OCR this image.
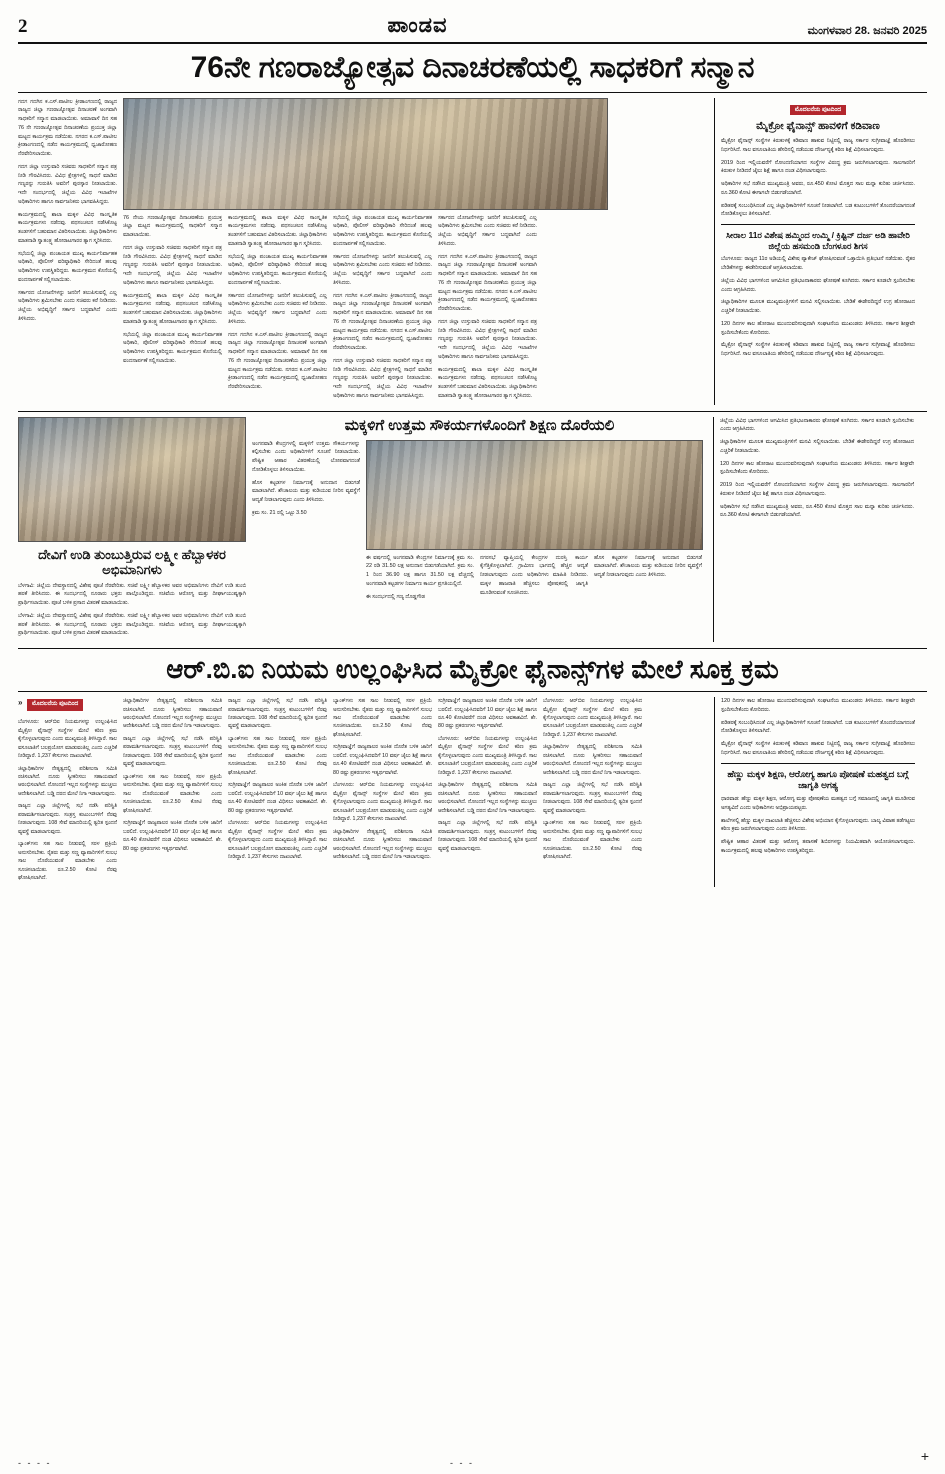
2	ಪಾಂಡವ	ಮಂಗಳವಾರ 28. ಜನವರಿ 2025
76ನೇ ಗಣರಾಜ್ಯೋತ್ಸವ ದಿನಾಚರಣೆಯಲ್ಲಿ ಸಾಧಕರಿಗೆ ಸನ್ಮಾನ

ಗದಗ ಗದಗಿನ ಕ.ಎಸ್.ಪಾಟೀಲ ಕ್ರೀಡಾಂಗಣದಲ್ಲಿ ರಾಜ್ಯದ ರಾಜ್ಯದ ಜಿಲ್ಲಾ ಗಣರಾಜ್ಯೋತ್ಸವ ದಿನಾಚರಣೆ ಅಂಗವಾಗಿ ಸಾಧಕರಿಗೆ ಸನ್ಮಾನ ಮಾಡಲಾಯಿತು. ಅಮಾವಾಸೆ ದಿನ ಸಹ 76 ನೇ ಗಣರಾಜ್ಯೋತ್ಸವ ದಿನಾಚರಣೆಯ ಪ್ರಯುಕ್ತ ಜಿಲ್ಲಾ ಮಟ್ಟದ ಕಾರ್ಯಕ್ರಮ ನಡೆಯಿತು. ನಗರದ ಕ.ಎಸ್.ಪಾಟೀಲ ಕ್ರೀಡಾಂಗಣದಲ್ಲಿ ನಡೆದ ಕಾರ್ಯಕ್ರಮದಲ್ಲಿ ಧ್ವಜಾರೋಹಣ ನೆರವೇರಿಸಲಾಯಿತು.

ಗದಗ ಜಿಲ್ಲಾ ಉಸ್ತುವಾರಿ ಸಚಿವರು ಸಾಧಕರಿಗೆ ಸನ್ಮಾನ ಪತ್ರ ನೀಡಿ ಗೌರವಿಸಿದರು. ವಿವಿಧ ಕ್ಷೇತ್ರಗಳಲ್ಲಿ ಸಾಧನೆ ಮಾಡಿದ ಗಣ್ಯರನ್ನು ಗುರುತಿಸಿ ಅವರಿಗೆ ಪುರಸ್ಕಾರ ನೀಡಲಾಯಿತು. ಇದೇ ಸಂದರ್ಭದಲ್ಲಿ ಜಿಲ್ಲೆಯ ವಿವಿಧ ಇಲಾಖೆಗಳ ಅಧಿಕಾರಿಗಳು ಹಾಗೂ ಸಾರ್ವಜನಿಕರು ಭಾಗವಹಿಸಿದ್ದರು.

ಕಾರ್ಯಕ್ರಮದಲ್ಲಿ ಶಾಲಾ ಮಕ್ಕಳ ವಿವಿಧ ಸಾಂಸ್ಕೃತಿಕ ಕಾರ್ಯಕ್ರಮಗಳು ನಡೆದವು. ಪಥಸಂಚಲನ ನಡೆಸಿಕೊಟ್ಟ ತಂಡಗಳಿಗೆ ಬಹುಮಾನ ವಿತರಿಸಲಾಯಿತು. ಜಿಲ್ಲಾಧಿಕಾರಿಗಳು ಮಾತನಾಡಿ ಸ್ವಾತಂತ್ರ್ಯ ಹೋರಾಟಗಾರರ ತ್ಯಾಗ ಸ್ಮರಿಸಿದರು.

ಸಭೆಯಲ್ಲಿ ಜಿಲ್ಲಾ ಪಂಚಾಯತ ಮುಖ್ಯ ಕಾರ್ಯನಿರ್ವಾಹಕ ಅಧಿಕಾರಿ, ಪೊಲೀಸ್ ವರಿಷ್ಠಾಧಿಕಾರಿ ಸೇರಿದಂತೆ ಹಲವು ಅಧಿಕಾರಿಗಳು ಉಪಸ್ಥಿತರಿದ್ದರು. ಕಾರ್ಯಕ್ರಮದ ಕೊನೆಯಲ್ಲಿ ವಂದನಾರ್ಪಣೆ ಸಲ್ಲಿಸಲಾಯಿತು.

ಸರ್ಕಾರದ ಯೋಜನೆಗಳನ್ನು ಜನರಿಗೆ ತಲುಪಿಸುವಲ್ಲಿ ಎಲ್ಲ ಅಧಿಕಾರಿಗಳು ಶ್ರಮಿಸಬೇಕು ಎಂದು ಸಚಿವರು ಕರೆ ನೀಡಿದರು. ಜಿಲ್ಲೆಯ ಅಭಿವೃದ್ಧಿಗೆ ಸರ್ಕಾರ ಬದ್ಧವಾಗಿದೆ ಎಂದು ತಿಳಿಸಿದರು.

76 ನೇಯ ಗಣರಾಜ್ಯೋತ್ಸವ ದಿನಾಚರಣೆಯ ಪ್ರಯುಕ್ತ ಜಿಲ್ಲಾ ಮಟ್ಟದ ಕಾರ್ಯಕ್ರಮದಲ್ಲಿ ಸಾಧಕರಿಗೆ ಸನ್ಮಾನ ಮಾಡಲಾಯಿತು.

ಗದಗ ಜಿಲ್ಲಾ ಉಸ್ತುವಾರಿ ಸಚಿವರು ಸಾಧಕರಿಗೆ ಸನ್ಮಾನ ಪತ್ರ ನೀಡಿ ಗೌರವಿಸಿದರು. ವಿವಿಧ ಕ್ಷೇತ್ರಗಳಲ್ಲಿ ಸಾಧನೆ ಮಾಡಿದ ಗಣ್ಯರನ್ನು ಗುರುತಿಸಿ ಅವರಿಗೆ ಪುರಸ್ಕಾರ ನೀಡಲಾಯಿತು. ಇದೇ ಸಂದರ್ಭದಲ್ಲಿ ಜಿಲ್ಲೆಯ ವಿವಿಧ ಇಲಾಖೆಗಳ ಅಧಿಕಾರಿಗಳು ಹಾಗೂ ಸಾರ್ವಜನಿಕರು ಭಾಗವಹಿಸಿದ್ದರು.

ಕಾರ್ಯಕ್ರಮದಲ್ಲಿ ಶಾಲಾ ಮಕ್ಕಳ ವಿವಿಧ ಸಾಂಸ್ಕೃತಿಕ ಕಾರ್ಯಕ್ರಮಗಳು ನಡೆದವು. ಪಥಸಂಚಲನ ನಡೆಸಿಕೊಟ್ಟ ತಂಡಗಳಿಗೆ ಬಹುಮಾನ ವಿತರಿಸಲಾಯಿತು. ಜಿಲ್ಲಾಧಿಕಾರಿಗಳು ಮಾತನಾಡಿ ಸ್ವಾತಂತ್ರ್ಯ ಹೋರಾಟಗಾರರ ತ್ಯಾಗ ಸ್ಮರಿಸಿದರು.

ಸಭೆಯಲ್ಲಿ ಜಿಲ್ಲಾ ಪಂಚಾಯತ ಮುಖ್ಯ ಕಾರ್ಯನಿರ್ವಾಹಕ ಅಧಿಕಾರಿ, ಪೊಲೀಸ್ ವರಿಷ್ಠಾಧಿಕಾರಿ ಸೇರಿದಂತೆ ಹಲವು ಅಧಿಕಾರಿಗಳು ಉಪಸ್ಥಿತರಿದ್ದರು. ಕಾರ್ಯಕ್ರಮದ ಕೊನೆಯಲ್ಲಿ ವಂದನಾರ್ಪಣೆ ಸಲ್ಲಿಸಲಾಯಿತು.

ಕಾರ್ಯಕ್ರಮದಲ್ಲಿ ಶಾಲಾ ಮಕ್ಕಳ ವಿವಿಧ ಸಾಂಸ್ಕೃತಿಕ ಕಾರ್ಯಕ್ರಮಗಳು ನಡೆದವು. ಪಥಸಂಚಲನ ನಡೆಸಿಕೊಟ್ಟ ತಂಡಗಳಿಗೆ ಬಹುಮಾನ ವಿತರಿಸಲಾಯಿತು. ಜಿಲ್ಲಾಧಿಕಾರಿಗಳು ಮಾತನಾಡಿ ಸ್ವಾತಂತ್ರ್ಯ ಹೋರಾಟಗಾರರ ತ್ಯಾಗ ಸ್ಮರಿಸಿದರು.

ಸಭೆಯಲ್ಲಿ ಜಿಲ್ಲಾ ಪಂಚಾಯತ ಮುಖ್ಯ ಕಾರ್ಯನಿರ್ವಾಹಕ ಅಧಿಕಾರಿ, ಪೊಲೀಸ್ ವರಿಷ್ಠಾಧಿಕಾರಿ ಸೇರಿದಂತೆ ಹಲವು ಅಧಿಕಾರಿಗಳು ಉಪಸ್ಥಿತರಿದ್ದರು. ಕಾರ್ಯಕ್ರಮದ ಕೊನೆಯಲ್ಲಿ ವಂದನಾರ್ಪಣೆ ಸಲ್ಲಿಸಲಾಯಿತು.

ಸರ್ಕಾರದ ಯೋಜನೆಗಳನ್ನು ಜನರಿಗೆ ತಲುಪಿಸುವಲ್ಲಿ ಎಲ್ಲ ಅಧಿಕಾರಿಗಳು ಶ್ರಮಿಸಬೇಕು ಎಂದು ಸಚಿವರು ಕರೆ ನೀಡಿದರು. ಜಿಲ್ಲೆಯ ಅಭಿವೃದ್ಧಿಗೆ ಸರ್ಕಾರ ಬದ್ಧವಾಗಿದೆ ಎಂದು ತಿಳಿಸಿದರು.

ಗದಗ ಗದಗಿನ ಕ.ಎಸ್.ಪಾಟೀಲ ಕ್ರೀಡಾಂಗಣದಲ್ಲಿ ರಾಜ್ಯದ ರಾಜ್ಯದ ಜಿಲ್ಲಾ ಗಣರಾಜ್ಯೋತ್ಸವ ದಿನಾಚರಣೆ ಅಂಗವಾಗಿ ಸಾಧಕರಿಗೆ ಸನ್ಮಾನ ಮಾಡಲಾಯಿತು. ಅಮಾವಾಸೆ ದಿನ ಸಹ 76 ನೇ ಗಣರಾಜ್ಯೋತ್ಸವ ದಿನಾಚರಣೆಯ ಪ್ರಯುಕ್ತ ಜಿಲ್ಲಾ ಮಟ್ಟದ ಕಾರ್ಯಕ್ರಮ ನಡೆಯಿತು. ನಗರದ ಕ.ಎಸ್.ಪಾಟೀಲ ಕ್ರೀಡಾಂಗಣದಲ್ಲಿ ನಡೆದ ಕಾರ್ಯಕ್ರಮದಲ್ಲಿ ಧ್ವಜಾರೋಹಣ ನೆರವೇರಿಸಲಾಯಿತು.

ಸಭೆಯಲ್ಲಿ ಜಿಲ್ಲಾ ಪಂಚಾಯತ ಮುಖ್ಯ ಕಾರ್ಯನಿರ್ವಾಹಕ ಅಧಿಕಾರಿ, ಪೊಲೀಸ್ ವರಿಷ್ಠಾಧಿಕಾರಿ ಸೇರಿದಂತೆ ಹಲವು ಅಧಿಕಾರಿಗಳು ಉಪಸ್ಥಿತರಿದ್ದರು. ಕಾರ್ಯಕ್ರಮದ ಕೊನೆಯಲ್ಲಿ ವಂದನಾರ್ಪಣೆ ಸಲ್ಲಿಸಲಾಯಿತು.

ಸರ್ಕಾರದ ಯೋಜನೆಗಳನ್ನು ಜನರಿಗೆ ತಲುಪಿಸುವಲ್ಲಿ ಎಲ್ಲ ಅಧಿಕಾರಿಗಳು ಶ್ರಮಿಸಬೇಕು ಎಂದು ಸಚಿವರು ಕರೆ ನೀಡಿದರು. ಜಿಲ್ಲೆಯ ಅಭಿವೃದ್ಧಿಗೆ ಸರ್ಕಾರ ಬದ್ಧವಾಗಿದೆ ಎಂದು ತಿಳಿಸಿದರು.

ಗದಗ ಗದಗಿನ ಕ.ಎಸ್.ಪಾಟೀಲ ಕ್ರೀಡಾಂಗಣದಲ್ಲಿ ರಾಜ್ಯದ ರಾಜ್ಯದ ಜಿಲ್ಲಾ ಗಣರಾಜ್ಯೋತ್ಸವ ದಿನಾಚರಣೆ ಅಂಗವಾಗಿ ಸಾಧಕರಿಗೆ ಸನ್ಮಾನ ಮಾಡಲಾಯಿತು. ಅಮಾವಾಸೆ ದಿನ ಸಹ 76 ನೇ ಗಣರಾಜ್ಯೋತ್ಸವ ದಿನಾಚರಣೆಯ ಪ್ರಯುಕ್ತ ಜಿಲ್ಲಾ ಮಟ್ಟದ ಕಾರ್ಯಕ್ರಮ ನಡೆಯಿತು. ನಗರದ ಕ.ಎಸ್.ಪಾಟೀಲ ಕ್ರೀಡಾಂಗಣದಲ್ಲಿ ನಡೆದ ಕಾರ್ಯಕ್ರಮದಲ್ಲಿ ಧ್ವಜಾರೋಹಣ ನೆರವೇರಿಸಲಾಯಿತು.

ಗದಗ ಜಿಲ್ಲಾ ಉಸ್ತುವಾರಿ ಸಚಿವರು ಸಾಧಕರಿಗೆ ಸನ್ಮಾನ ಪತ್ರ ನೀಡಿ ಗೌರವಿಸಿದರು. ವಿವಿಧ ಕ್ಷೇತ್ರಗಳಲ್ಲಿ ಸಾಧನೆ ಮಾಡಿದ ಗಣ್ಯರನ್ನು ಗುರುತಿಸಿ ಅವರಿಗೆ ಪುರಸ್ಕಾರ ನೀಡಲಾಯಿತು. ಇದೇ ಸಂದರ್ಭದಲ್ಲಿ ಜಿಲ್ಲೆಯ ವಿವಿಧ ಇಲಾಖೆಗಳ ಅಧಿಕಾರಿಗಳು ಹಾಗೂ ಸಾರ್ವಜನಿಕರು ಭಾಗವಹಿಸಿದ್ದರು.

ಸರ್ಕಾರದ ಯೋಜನೆಗಳನ್ನು ಜನರಿಗೆ ತಲುಪಿಸುವಲ್ಲಿ ಎಲ್ಲ ಅಧಿಕಾರಿಗಳು ಶ್ರಮಿಸಬೇಕು ಎಂದು ಸಚಿವರು ಕರೆ ನೀಡಿದರು. ಜಿಲ್ಲೆಯ ಅಭಿವೃದ್ಧಿಗೆ ಸರ್ಕಾರ ಬದ್ಧವಾಗಿದೆ ಎಂದು ತಿಳಿಸಿದರು.

ಗದಗ ಗದಗಿನ ಕ.ಎಸ್.ಪಾಟೀಲ ಕ್ರೀಡಾಂಗಣದಲ್ಲಿ ರಾಜ್ಯದ ರಾಜ್ಯದ ಜಿಲ್ಲಾ ಗಣರಾಜ್ಯೋತ್ಸವ ದಿನಾಚರಣೆ ಅಂಗವಾಗಿ ಸಾಧಕರಿಗೆ ಸನ್ಮಾನ ಮಾಡಲಾಯಿತು. ಅಮಾವಾಸೆ ದಿನ ಸಹ 76 ನೇ ಗಣರಾಜ್ಯೋತ್ಸವ ದಿನಾಚರಣೆಯ ಪ್ರಯುಕ್ತ ಜಿಲ್ಲಾ ಮಟ್ಟದ ಕಾರ್ಯಕ್ರಮ ನಡೆಯಿತು. ನಗರದ ಕ.ಎಸ್.ಪಾಟೀಲ ಕ್ರೀಡಾಂಗಣದಲ್ಲಿ ನಡೆದ ಕಾರ್ಯಕ್ರಮದಲ್ಲಿ ಧ್ವಜಾರೋಹಣ ನೆರವೇರಿಸಲಾಯಿತು.

ಗದಗ ಜಿಲ್ಲಾ ಉಸ್ತುವಾರಿ ಸಚಿವರು ಸಾಧಕರಿಗೆ ಸನ್ಮಾನ ಪತ್ರ ನೀಡಿ ಗೌರವಿಸಿದರು. ವಿವಿಧ ಕ್ಷೇತ್ರಗಳಲ್ಲಿ ಸಾಧನೆ ಮಾಡಿದ ಗಣ್ಯರನ್ನು ಗುರುತಿಸಿ ಅವರಿಗೆ ಪುರಸ್ಕಾರ ನೀಡಲಾಯಿತು. ಇದೇ ಸಂದರ್ಭದಲ್ಲಿ ಜಿಲ್ಲೆಯ ವಿವಿಧ ಇಲಾಖೆಗಳ ಅಧಿಕಾರಿಗಳು ಹಾಗೂ ಸಾರ್ವಜನಿಕರು ಭಾಗವಹಿಸಿದ್ದರು.

ಕಾರ್ಯಕ್ರಮದಲ್ಲಿ ಶಾಲಾ ಮಕ್ಕಳ ವಿವಿಧ ಸಾಂಸ್ಕೃತಿಕ ಕಾರ್ಯಕ್ರಮಗಳು ನಡೆದವು. ಪಥಸಂಚಲನ ನಡೆಸಿಕೊಟ್ಟ ತಂಡಗಳಿಗೆ ಬಹುಮಾನ ವಿತರಿಸಲಾಯಿತು. ಜಿಲ್ಲಾಧಿಕಾರಿಗಳು ಮಾತನಾಡಿ ಸ್ವಾತಂತ್ರ್ಯ ಹೋರಾಟಗಾರರ ತ್ಯಾಗ ಸ್ಮರಿಸಿದರು.

ಮೊದಲನೆಯ ಪುಟದಿಂದ
ಮೈಕ್ರೋ ಫೈನಾನ್ಸ್ ಹಾವಳಿಗೆ ಕಡಿವಾಣ

ಮೈಕ್ರೋ ಫೈನಾನ್ಸ್ ಸಂಸ್ಥೆಗಳ ಕಿರುಕುಳಕ್ಕೆ ಕಡಿವಾಣ ಹಾಕುವ ನಿಟ್ಟಿನಲ್ಲಿ ರಾಜ್ಯ ಸರ್ಕಾರ ಸುಗ್ರೀವಾಜ್ಞೆ ಹೊರಡಿಸಲು ನಿರ್ಧರಿಸಿದೆ. ಸಾಲ ವಸೂಲಾತಿಯ ಹೆಸರಿನಲ್ಲಿ ನಡೆಯುವ ದೌರ್ಜನ್ಯಕ್ಕೆ ಕಠಿಣ ಶಿಕ್ಷೆ ವಿಧಿಸಲಾಗುವುದು.

2019 ರಿಂದ ಇಲ್ಲಿಯವರೆಗೆ ನೋಂದಣಿಯಾಗದ ಸಂಸ್ಥೆಗಳ ವಿರುದ್ಧ ಕ್ರಮ ಜರುಗಿಸಲಾಗುವುದು. ಸಾಲಗಾರರಿಗೆ ಕಿರುಕುಳ ನೀಡಿದರೆ ಜೈಲು ಶಿಕ್ಷೆ ಹಾಗೂ ದಂಡ ವಿಧಿಸಲಾಗುವುದು.

ಅಧಿಕಾರಿಗಳ ಸಭೆ ನಡೆಸಿದ ಮುಖ್ಯಮಂತ್ರಿ ಅವರು, ರೂ.450 ಕೋಟಿ ಮೊತ್ತದ ಸಾಲ ಮನ್ನಾ ಕುರಿತು ಚರ್ಚಿಸಿದರು. ರೂ.360 ಕೋಟಿ ಈಗಾಗಲೇ ಬಿಡುಗಡೆಯಾಗಿದೆ.

ಪಡಿತರಕ್ಕೆ ಸಂಬಂಧಿಸಿದಂತೆ ಎಲ್ಲ ಜಿಲ್ಲಾಧಿಕಾರಿಗಳಿಗೆ ಸೂಚನೆ ನೀಡಲಾಗಿದೆ. ಬಡ ಕುಟುಂಬಗಳಿಗೆ ತೊಂದರೆಯಾಗದಂತೆ ನೋಡಿಕೊಳ್ಳಲು ತಿಳಿಸಲಾಗಿದೆ.

ಸೀರಾಲ 11ರ ವಿಶೇಷ ಹಮ್ಮಿಂದ ಉಮ್ಮಿ / ಕ್ರಿಷ್ಟಿನ್ ದರ್ಜ ಅಡಿ ಹಾವೇರಿ ಜಿಲ್ಲೆಯ ಹಸಮಂಡಿ ಬೆಂಗಳೂರ ಶಿಗಸ

ಬೆಂಗಳೂರು: ರಾಜ್ಯದ 11ರ ಅಡಿಯಲ್ಲಿ ವಿಶೇಷ ಪ್ಯಾಕೇಜ್ ಘೋಷಿಸುವಂತೆ ಒತ್ತಾಯಿಸಿ ಪ್ರತಿಭಟನೆ ನಡೆಯಿತು. ರೈತರ ಬೇಡಿಕೆಗಳನ್ನು ಈಡೇರಿಸುವಂತೆ ಆಗ್ರಹಿಸಲಾಯಿತು.

ಜಿಲ್ಲೆಯ ವಿವಿಧ ಭಾಗಗಳಿಂದ ಆಗಮಿಸಿದ ಪ್ರತಿಭಟನಾಕಾರರು ಘೋಷಣೆ ಕೂಗಿದರು. ಸರ್ಕಾರ ಕೂಡಲೇ ಸ್ಪಂದಿಸಬೇಕು ಎಂದು ಆಗ್ರಹಿಸಿದರು.

ಜಿಲ್ಲಾಧಿಕಾರಿಗಳ ಮೂಲಕ ಮುಖ್ಯಮಂತ್ರಿಗಳಿಗೆ ಮನವಿ ಸಲ್ಲಿಸಲಾಯಿತು. ಬೇಡಿಕೆ ಈಡೇರದಿದ್ದರೆ ಉಗ್ರ ಹೋರಾಟದ ಎಚ್ಚರಿಕೆ ನೀಡಲಾಯಿತು.

120 ದಿನಗಳ ಕಾಲ ಹೋರಾಟ ಮುಂದುವರಿಸುವುದಾಗಿ ಸಂಘಟನೆಯ ಮುಖಂಡರು ತಿಳಿಸಿದರು. ಸರ್ಕಾರ ಶೀಘ್ರವೇ ಸ್ಪಂದಿಸಬೇಕೆಂದು ಕೋರಿದರು.

ಮೈಕ್ರೋ ಫೈನಾನ್ಸ್ ಸಂಸ್ಥೆಗಳ ಕಿರುಕುಳಕ್ಕೆ ಕಡಿವಾಣ ಹಾಕುವ ನಿಟ್ಟಿನಲ್ಲಿ ರಾಜ್ಯ ಸರ್ಕಾರ ಸುಗ್ರೀವಾಜ್ಞೆ ಹೊರಡಿಸಲು ನಿರ್ಧರಿಸಿದೆ. ಸಾಲ ವಸೂಲಾತಿಯ ಹೆಸರಿನಲ್ಲಿ ನಡೆಯುವ ದೌರ್ಜನ್ಯಕ್ಕೆ ಕಠಿಣ ಶಿಕ್ಷೆ ವಿಧಿಸಲಾಗುವುದು.

ದೇವಿಗೆ ಉಡಿ ತುಂಬುತ್ತಿರುವ ಲಕ್ಷ್ಮೀ ಹೆಬ್ಬಾಳಕರ ಅಭಿಮಾನಿಗಳು

ಬೆಳಗಾವಿ: ಜಿಲ್ಲೆಯ ದೇವಸ್ಥಾನದಲ್ಲಿ ವಿಶೇಷ ಪೂಜೆ ನೆರವೇರಿತು. ಸಚಿವೆ ಲಕ್ಷ್ಮೀ ಹೆಬ್ಬಾಳಕರ ಅವರ ಅಭಿಮಾನಿಗಳು ದೇವಿಗೆ ಉಡಿ ತುಂಬಿ ಹರಕೆ ತೀರಿಸಿದರು. ಈ ಸಂದರ್ಭದಲ್ಲಿ ನೂರಾರು ಭಕ್ತರು ಪಾಲ್ಗೊಂಡಿದ್ದರು. ಸಚಿವೆಯ ಆರೋಗ್ಯ ಮತ್ತು ದೀರ್ಘಾಯುಷ್ಯಕ್ಕಾಗಿ ಪ್ರಾರ್ಥಿಸಲಾಯಿತು. ಪೂಜೆ ಬಳಿಕ ಪ್ರಸಾದ ವಿತರಣೆ ಮಾಡಲಾಯಿತು.

ಬೆಳಗಾವಿ: ಜಿಲ್ಲೆಯ ದೇವಸ್ಥಾನದಲ್ಲಿ ವಿಶೇಷ ಪೂಜೆ ನೆರವೇರಿತು. ಸಚಿವೆ ಲಕ್ಷ್ಮೀ ಹೆಬ್ಬಾಳಕರ ಅವರ ಅಭಿಮಾನಿಗಳು ದೇವಿಗೆ ಉಡಿ ತುಂಬಿ ಹರಕೆ ತೀರಿಸಿದರು. ಈ ಸಂದರ್ಭದಲ್ಲಿ ನೂರಾರು ಭಕ್ತರು ಪಾಲ್ಗೊಂಡಿದ್ದರು. ಸಚಿವೆಯ ಆರೋಗ್ಯ ಮತ್ತು ದೀರ್ಘಾಯುಷ್ಯಕ್ಕಾಗಿ ಪ್ರಾರ್ಥಿಸಲಾಯಿತು. ಪೂಜೆ ಬಳಿಕ ಪ್ರಸಾದ ವಿತರಣೆ ಮಾಡಲಾಯಿತು.

ಮಕ್ಕಳಿಗೆ ಉತ್ತಮ ಸೌಕರ್ಯಗಳೊಂದಿಗೆ ಶಿಕ್ಷಣ ದೊರೆಯಲಿ

ಅಂಗನವಾಡಿ ಕೇಂದ್ರಗಳಲ್ಲಿ ಮಕ್ಕಳಿಗೆ ಉತ್ತಮ ಸೌಕರ್ಯಗಳನ್ನು ಕಲ್ಪಿಸಬೇಕು ಎಂದು ಅಧಿಕಾರಿಗಳಿಗೆ ಸೂಚನೆ ನೀಡಲಾಯಿತು. ಪೌಷ್ಟಿಕ ಆಹಾರ ವಿತರಣೆಯಲ್ಲಿ ಲೋಪವಾಗದಂತೆ ನೋಡಿಕೊಳ್ಳಲು ತಿಳಿಸಲಾಯಿತು.

ಹೊಸ ಕಟ್ಟಡಗಳ ನಿರ್ಮಾಣಕ್ಕೆ ಅನುದಾನ ಬಿಡುಗಡೆ ಮಾಡಲಾಗಿದೆ. ಶೌಚಾಲಯ ಮತ್ತು ಕುಡಿಯುವ ನೀರಿನ ವ್ಯವಸ್ಥೆಗೆ ಆದ್ಯತೆ ನೀಡಲಾಗುವುದು ಎಂದು ತಿಳಿಸಿದರು.

ಕ್ರಮ ಸಂ. 21 ರಲ್ಲಿ ಒಟ್ಟು 3.50

ಈ ವರ್ಷದಲ್ಲಿ ಅಂಗನವಾಡಿ ಕೇಂದ್ರಗಳ ನಿರ್ಮಾಣಕ್ಕೆ ಕ್ರಮ ಸಂ. 22 ರಡಿ 31.50 ಲಕ್ಷ ಅನುದಾನ ಬಿಡುಗಡೆಯಾಗಿದೆ. ಕ್ರಮ ಸಂ. 1 ರಿಂದ 36.90 ಲಕ್ಷ ಹಾಗೂ 31.50 ಲಕ್ಷ ವೆಚ್ಚದಲ್ಲಿ ಅಂಗನವಾಡಿ ಕಟ್ಟಡಗಳ ನಿರ್ಮಾಣ ಕಾರ್ಯ ಪ್ರಗತಿಯಲ್ಲಿದೆ.

ಈ ಸಂದರ್ಭದಲ್ಲಿ ಗಣ್ಯ ದೊಡ್ಡಗೌಡ

ನಗರಸಭೆ ವ್ಯಾಪ್ತಿಯಲ್ಲಿ ಕೇಂದ್ರಗಳ ದುರಸ್ತಿ ಕಾರ್ಯ ಕೈಗೆತ್ತಿಕೊಳ್ಳಲಾಗಿದೆ. ಗ್ರಾಮೀಣ ಭಾಗದಲ್ಲಿ ಹೆಚ್ಚಿನ ಆದ್ಯತೆ ನೀಡಲಾಗುವುದು ಎಂದು ಅಧಿಕಾರಿಗಳು ಮಾಹಿತಿ ನೀಡಿದರು. ಮಕ್ಕಳ ಹಾಜರಾತಿ ಹೆಚ್ಚಿಸಲು ಪೋಷಕರಲ್ಲಿ ಜಾಗೃತಿ ಮೂಡಿಸುವಂತೆ ಸೂಚಿಸಿದರು.

ಹೊಸ ಕಟ್ಟಡಗಳ ನಿರ್ಮಾಣಕ್ಕೆ ಅನುದಾನ ಬಿಡುಗಡೆ ಮಾಡಲಾಗಿದೆ. ಶೌಚಾಲಯ ಮತ್ತು ಕುಡಿಯುವ ನೀರಿನ ವ್ಯವಸ್ಥೆಗೆ ಆದ್ಯತೆ ನೀಡಲಾಗುವುದು ಎಂದು ತಿಳಿಸಿದರು.

ಜಿಲ್ಲೆಯ ವಿವಿಧ ಭಾಗಗಳಿಂದ ಆಗಮಿಸಿದ ಪ್ರತಿಭಟನಾಕಾರರು ಘೋಷಣೆ ಕೂಗಿದರು. ಸರ್ಕಾರ ಕೂಡಲೇ ಸ್ಪಂದಿಸಬೇಕು ಎಂದು ಆಗ್ರಹಿಸಿದರು.

ಜಿಲ್ಲಾಧಿಕಾರಿಗಳ ಮೂಲಕ ಮುಖ್ಯಮಂತ್ರಿಗಳಿಗೆ ಮನವಿ ಸಲ್ಲಿಸಲಾಯಿತು. ಬೇಡಿಕೆ ಈಡೇರದಿದ್ದರೆ ಉಗ್ರ ಹೋರಾಟದ ಎಚ್ಚರಿಕೆ ನೀಡಲಾಯಿತು.

120 ದಿನಗಳ ಕಾಲ ಹೋರಾಟ ಮುಂದುವರಿಸುವುದಾಗಿ ಸಂಘಟನೆಯ ಮುಖಂಡರು ತಿಳಿಸಿದರು. ಸರ್ಕಾರ ಶೀಘ್ರವೇ ಸ್ಪಂದಿಸಬೇಕೆಂದು ಕೋರಿದರು.

2019 ರಿಂದ ಇಲ್ಲಿಯವರೆಗೆ ನೋಂದಣಿಯಾಗದ ಸಂಸ್ಥೆಗಳ ವಿರುದ್ಧ ಕ್ರಮ ಜರುಗಿಸಲಾಗುವುದು. ಸಾಲಗಾರರಿಗೆ ಕಿರುಕುಳ ನೀಡಿದರೆ ಜೈಲು ಶಿಕ್ಷೆ ಹಾಗೂ ದಂಡ ವಿಧಿಸಲಾಗುವುದು.

ಅಧಿಕಾರಿಗಳ ಸಭೆ ನಡೆಸಿದ ಮುಖ್ಯಮಂತ್ರಿ ಅವರು, ರೂ.450 ಕೋಟಿ ಮೊತ್ತದ ಸಾಲ ಮನ್ನಾ ಕುರಿತು ಚರ್ಚಿಸಿದರು. ರೂ.360 ಕೋಟಿ ಈಗಾಗಲೇ ಬಿಡುಗಡೆಯಾಗಿದೆ.

ಆರ್.ಬಿ.ಐ ನಿಯಮ ಉಲ್ಲಂಘಿಸಿದ ಮೈಕ್ರೋ ಫೈನಾನ್ಸ್‌ಗಳ ಮೇಲೆ ಸೂಕ್ತ ಕ್ರಮ

» ಮೊದಲನೆಯ ಪುಟದಿಂದ

ಬೆಂಗಳೂರು: ಆರ್‌ಬಿಐ ನಿಯಮಗಳನ್ನು ಉಲ್ಲಂಘಿಸಿದ ಮೈಕ್ರೋ ಫೈನಾನ್ಸ್ ಸಂಸ್ಥೆಗಳ ಮೇಲೆ ಕಠಿಣ ಕ್ರಮ ಕೈಗೊಳ್ಳಲಾಗುವುದು ಎಂದು ಮುಖ್ಯಮಂತ್ರಿ ತಿಳಿಸಿದ್ದಾರೆ. ಸಾಲ ವಸೂಲಾತಿಗೆ ಬಲಪ್ರಯೋಗ ಮಾಡುವಂತಿಲ್ಲ ಎಂದು ಎಚ್ಚರಿಕೆ ನೀಡಿದ್ದಾರೆ. 1,237 ಕೇಸುಗಳು ದಾಖಲಾಗಿವೆ.

ಜಿಲ್ಲಾಧಿಕಾರಿಗಳ ನೇತೃತ್ವದಲ್ಲಿ ಪರಿಶೀಲನಾ ಸಮಿತಿ ರಚಿಸಲಾಗಿದೆ. ದೂರು ಸ್ವೀಕರಿಸಲು ಸಹಾಯವಾಣಿ ಆರಂಭಿಸಲಾಗಿದೆ. ನೋಂದಣಿ ಇಲ್ಲದ ಸಂಸ್ಥೆಗಳನ್ನು ಮುಚ್ಚಲು ಆದೇಶಿಸಲಾಗಿದೆ. ಬಡ್ಡಿ ದರದ ಮೇಲೆ ನಿಗಾ ಇಡಲಾಗುವುದು.

ರಾಜ್ಯದ ಎಲ್ಲಾ ಜಿಲ್ಲೆಗಳಲ್ಲಿ ಸಭೆ ನಡೆಸಿ ಪರಿಸ್ಥಿತಿ ಪರಾಮರ್ಶಿಸಲಾಗುವುದು. ಸಂತ್ರಸ್ತ ಕುಟುಂಬಗಳಿಗೆ ನೆರವು ನೀಡಲಾಗುವುದು. 108 ಸೇವೆ ಮಾದರಿಯಲ್ಲಿ ತ್ವರಿತ ಸ್ಪಂದನೆ ವ್ಯವಸ್ಥೆ ಮಾಡಲಾಗುವುದು.

ಬ್ಯಾಂಕ್‌ಗಳು ಸಹ ಸಾಲ ನೀಡುವಲ್ಲಿ ಸರಳ ಪ್ರಕ್ರಿಯೆ ಅನುಸರಿಸಬೇಕು. ರೈತರು ಮತ್ತು ಸಣ್ಣ ವ್ಯಾಪಾರಿಗಳಿಗೆ ಸುಲಭ ಸಾಲ ದೊರೆಯುವಂತೆ ಮಾಡಬೇಕು ಎಂದು ಸೂಚಿಸಲಾಯಿತು. ರೂ.2.50 ಕೋಟಿ ನೆರವು ಘೋಷಿಸಲಾಗಿದೆ.

ಜಿಲ್ಲಾಧಿಕಾರಿಗಳ ನೇತೃತ್ವದಲ್ಲಿ ಪರಿಶೀಲನಾ ಸಮಿತಿ ರಚಿಸಲಾಗಿದೆ. ದೂರು ಸ್ವೀಕರಿಸಲು ಸಹಾಯವಾಣಿ ಆರಂಭಿಸಲಾಗಿದೆ. ನೋಂದಣಿ ಇಲ್ಲದ ಸಂಸ್ಥೆಗಳನ್ನು ಮುಚ್ಚಲು ಆದೇಶಿಸಲಾಗಿದೆ. ಬಡ್ಡಿ ದರದ ಮೇಲೆ ನಿಗಾ ಇಡಲಾಗುವುದು.

ರಾಜ್ಯದ ಎಲ್ಲಾ ಜಿಲ್ಲೆಗಳಲ್ಲಿ ಸಭೆ ನಡೆಸಿ ಪರಿಸ್ಥಿತಿ ಪರಾಮರ್ಶಿಸಲಾಗುವುದು. ಸಂತ್ರಸ್ತ ಕುಟುಂಬಗಳಿಗೆ ನೆರವು ನೀಡಲಾಗುವುದು. 108 ಸೇವೆ ಮಾದರಿಯಲ್ಲಿ ತ್ವರಿತ ಸ್ಪಂದನೆ ವ್ಯವಸ್ಥೆ ಮಾಡಲಾಗುವುದು.

ಬ್ಯಾಂಕ್‌ಗಳು ಸಹ ಸಾಲ ನೀಡುವಲ್ಲಿ ಸರಳ ಪ್ರಕ್ರಿಯೆ ಅನುಸರಿಸಬೇಕು. ರೈತರು ಮತ್ತು ಸಣ್ಣ ವ್ಯಾಪಾರಿಗಳಿಗೆ ಸುಲಭ ಸಾಲ ದೊರೆಯುವಂತೆ ಮಾಡಬೇಕು ಎಂದು ಸೂಚಿಸಲಾಯಿತು. ರೂ.2.50 ಕೋಟಿ ನೆರವು ಘೋಷಿಸಲಾಗಿದೆ.

ಸುಗ್ರೀವಾಜ್ಞೆಗೆ ರಾಜ್ಯಪಾಲರ ಅಂಕಿತ ದೊರೆತ ಬಳಿಕ ಜಾರಿಗೆ ಬರಲಿದೆ. ಉಲ್ಲಂಘಿಸಿದವರಿಗೆ 10 ವರ್ಷ ಜೈಲು ಶಿಕ್ಷೆ ಹಾಗೂ ರೂ.40 ಕೋಟಿವರೆಗೆ ದಂಡ ವಿಧಿಸಲು ಅವಕಾಶವಿದೆ. ಶೇ. 80 ರಷ್ಟು ಪ್ರಕರಣಗಳು ಇತ್ಯರ್ಥವಾಗಿವೆ.

ರಾಜ್ಯದ ಎಲ್ಲಾ ಜಿಲ್ಲೆಗಳಲ್ಲಿ ಸಭೆ ನಡೆಸಿ ಪರಿಸ್ಥಿತಿ ಪರಾಮರ್ಶಿಸಲಾಗುವುದು. ಸಂತ್ರಸ್ತ ಕುಟುಂಬಗಳಿಗೆ ನೆರವು ನೀಡಲಾಗುವುದು. 108 ಸೇವೆ ಮಾದರಿಯಲ್ಲಿ ತ್ವರಿತ ಸ್ಪಂದನೆ ವ್ಯವಸ್ಥೆ ಮಾಡಲಾಗುವುದು.

ಬ್ಯಾಂಕ್‌ಗಳು ಸಹ ಸಾಲ ನೀಡುವಲ್ಲಿ ಸರಳ ಪ್ರಕ್ರಿಯೆ ಅನುಸರಿಸಬೇಕು. ರೈತರು ಮತ್ತು ಸಣ್ಣ ವ್ಯಾಪಾರಿಗಳಿಗೆ ಸುಲಭ ಸಾಲ ದೊರೆಯುವಂತೆ ಮಾಡಬೇಕು ಎಂದು ಸೂಚಿಸಲಾಯಿತು. ರೂ.2.50 ಕೋಟಿ ನೆರವು ಘೋಷಿಸಲಾಗಿದೆ.

ಸುಗ್ರೀವಾಜ್ಞೆಗೆ ರಾಜ್ಯಪಾಲರ ಅಂಕಿತ ದೊರೆತ ಬಳಿಕ ಜಾರಿಗೆ ಬರಲಿದೆ. ಉಲ್ಲಂಘಿಸಿದವರಿಗೆ 10 ವರ್ಷ ಜೈಲು ಶಿಕ್ಷೆ ಹಾಗೂ ರೂ.40 ಕೋಟಿವರೆಗೆ ದಂಡ ವಿಧಿಸಲು ಅವಕಾಶವಿದೆ. ಶೇ. 80 ರಷ್ಟು ಪ್ರಕರಣಗಳು ಇತ್ಯರ್ಥವಾಗಿವೆ.

ಬೆಂಗಳೂರು: ಆರ್‌ಬಿಐ ನಿಯಮಗಳನ್ನು ಉಲ್ಲಂಘಿಸಿದ ಮೈಕ್ರೋ ಫೈನಾನ್ಸ್ ಸಂಸ್ಥೆಗಳ ಮೇಲೆ ಕಠಿಣ ಕ್ರಮ ಕೈಗೊಳ್ಳಲಾಗುವುದು ಎಂದು ಮುಖ್ಯಮಂತ್ರಿ ತಿಳಿಸಿದ್ದಾರೆ. ಸಾಲ ವಸೂಲಾತಿಗೆ ಬಲಪ್ರಯೋಗ ಮಾಡುವಂತಿಲ್ಲ ಎಂದು ಎಚ್ಚರಿಕೆ ನೀಡಿದ್ದಾರೆ. 1,237 ಕೇಸುಗಳು ದಾಖಲಾಗಿವೆ.

ಬ್ಯಾಂಕ್‌ಗಳು ಸಹ ಸಾಲ ನೀಡುವಲ್ಲಿ ಸರಳ ಪ್ರಕ್ರಿಯೆ ಅನುಸರಿಸಬೇಕು. ರೈತರು ಮತ್ತು ಸಣ್ಣ ವ್ಯಾಪಾರಿಗಳಿಗೆ ಸುಲಭ ಸಾಲ ದೊರೆಯುವಂತೆ ಮಾಡಬೇಕು ಎಂದು ಸೂಚಿಸಲಾಯಿತು. ರೂ.2.50 ಕೋಟಿ ನೆರವು ಘೋಷಿಸಲಾಗಿದೆ.

ಸುಗ್ರೀವಾಜ್ಞೆಗೆ ರಾಜ್ಯಪಾಲರ ಅಂಕಿತ ದೊರೆತ ಬಳಿಕ ಜಾರಿಗೆ ಬರಲಿದೆ. ಉಲ್ಲಂಘಿಸಿದವರಿಗೆ 10 ವರ್ಷ ಜೈಲು ಶಿಕ್ಷೆ ಹಾಗೂ ರೂ.40 ಕೋಟಿವರೆಗೆ ದಂಡ ವಿಧಿಸಲು ಅವಕಾಶವಿದೆ. ಶೇ. 80 ರಷ್ಟು ಪ್ರಕರಣಗಳು ಇತ್ಯರ್ಥವಾಗಿವೆ.

ಬೆಂಗಳೂರು: ಆರ್‌ಬಿಐ ನಿಯಮಗಳನ್ನು ಉಲ್ಲಂಘಿಸಿದ ಮೈಕ್ರೋ ಫೈನಾನ್ಸ್ ಸಂಸ್ಥೆಗಳ ಮೇಲೆ ಕಠಿಣ ಕ್ರಮ ಕೈಗೊಳ್ಳಲಾಗುವುದು ಎಂದು ಮುಖ್ಯಮಂತ್ರಿ ತಿಳಿಸಿದ್ದಾರೆ. ಸಾಲ ವಸೂಲಾತಿಗೆ ಬಲಪ್ರಯೋಗ ಮಾಡುವಂತಿಲ್ಲ ಎಂದು ಎಚ್ಚರಿಕೆ ನೀಡಿದ್ದಾರೆ. 1,237 ಕೇಸುಗಳು ದಾಖಲಾಗಿವೆ.

ಜಿಲ್ಲಾಧಿಕಾರಿಗಳ ನೇತೃತ್ವದಲ್ಲಿ ಪರಿಶೀಲನಾ ಸಮಿತಿ ರಚಿಸಲಾಗಿದೆ. ದೂರು ಸ್ವೀಕರಿಸಲು ಸಹಾಯವಾಣಿ ಆರಂಭಿಸಲಾಗಿದೆ. ನೋಂದಣಿ ಇಲ್ಲದ ಸಂಸ್ಥೆಗಳನ್ನು ಮುಚ್ಚಲು ಆದೇಶಿಸಲಾಗಿದೆ. ಬಡ್ಡಿ ದರದ ಮೇಲೆ ನಿಗಾ ಇಡಲಾಗುವುದು.

ಸುಗ್ರೀವಾಜ್ಞೆಗೆ ರಾಜ್ಯಪಾಲರ ಅಂಕಿತ ದೊರೆತ ಬಳಿಕ ಜಾರಿಗೆ ಬರಲಿದೆ. ಉಲ್ಲಂಘಿಸಿದವರಿಗೆ 10 ವರ್ಷ ಜೈಲು ಶಿಕ್ಷೆ ಹಾಗೂ ರೂ.40 ಕೋಟಿವರೆಗೆ ದಂಡ ವಿಧಿಸಲು ಅವಕಾಶವಿದೆ. ಶೇ. 80 ರಷ್ಟು ಪ್ರಕರಣಗಳು ಇತ್ಯರ್ಥವಾಗಿವೆ.

ಬೆಂಗಳೂರು: ಆರ್‌ಬಿಐ ನಿಯಮಗಳನ್ನು ಉಲ್ಲಂಘಿಸಿದ ಮೈಕ್ರೋ ಫೈನಾನ್ಸ್ ಸಂಸ್ಥೆಗಳ ಮೇಲೆ ಕಠಿಣ ಕ್ರಮ ಕೈಗೊಳ್ಳಲಾಗುವುದು ಎಂದು ಮುಖ್ಯಮಂತ್ರಿ ತಿಳಿಸಿದ್ದಾರೆ. ಸಾಲ ವಸೂಲಾತಿಗೆ ಬಲಪ್ರಯೋಗ ಮಾಡುವಂತಿಲ್ಲ ಎಂದು ಎಚ್ಚರಿಕೆ ನೀಡಿದ್ದಾರೆ. 1,237 ಕೇಸುಗಳು ದಾಖಲಾಗಿವೆ.

ಜಿಲ್ಲಾಧಿಕಾರಿಗಳ ನೇತೃತ್ವದಲ್ಲಿ ಪರಿಶೀಲನಾ ಸಮಿತಿ ರಚಿಸಲಾಗಿದೆ. ದೂರು ಸ್ವೀಕರಿಸಲು ಸಹಾಯವಾಣಿ ಆರಂಭಿಸಲಾಗಿದೆ. ನೋಂದಣಿ ಇಲ್ಲದ ಸಂಸ್ಥೆಗಳನ್ನು ಮುಚ್ಚಲು ಆದೇಶಿಸಲಾಗಿದೆ. ಬಡ್ಡಿ ದರದ ಮೇಲೆ ನಿಗಾ ಇಡಲಾಗುವುದು.

ರಾಜ್ಯದ ಎಲ್ಲಾ ಜಿಲ್ಲೆಗಳಲ್ಲಿ ಸಭೆ ನಡೆಸಿ ಪರಿಸ್ಥಿತಿ ಪರಾಮರ್ಶಿಸಲಾಗುವುದು. ಸಂತ್ರಸ್ತ ಕುಟುಂಬಗಳಿಗೆ ನೆರವು ನೀಡಲಾಗುವುದು. 108 ಸೇವೆ ಮಾದರಿಯಲ್ಲಿ ತ್ವರಿತ ಸ್ಪಂದನೆ ವ್ಯವಸ್ಥೆ ಮಾಡಲಾಗುವುದು.

ಬೆಂಗಳೂರು: ಆರ್‌ಬಿಐ ನಿಯಮಗಳನ್ನು ಉಲ್ಲಂಘಿಸಿದ ಮೈಕ್ರೋ ಫೈನಾನ್ಸ್ ಸಂಸ್ಥೆಗಳ ಮೇಲೆ ಕಠಿಣ ಕ್ರಮ ಕೈಗೊಳ್ಳಲಾಗುವುದು ಎಂದು ಮುಖ್ಯಮಂತ್ರಿ ತಿಳಿಸಿದ್ದಾರೆ. ಸಾಲ ವಸೂಲಾತಿಗೆ ಬಲಪ್ರಯೋಗ ಮಾಡುವಂತಿಲ್ಲ ಎಂದು ಎಚ್ಚರಿಕೆ ನೀಡಿದ್ದಾರೆ. 1,237 ಕೇಸುಗಳು ದಾಖಲಾಗಿವೆ.

ಜಿಲ್ಲಾಧಿಕಾರಿಗಳ ನೇತೃತ್ವದಲ್ಲಿ ಪರಿಶೀಲನಾ ಸಮಿತಿ ರಚಿಸಲಾಗಿದೆ. ದೂರು ಸ್ವೀಕರಿಸಲು ಸಹಾಯವಾಣಿ ಆರಂಭಿಸಲಾಗಿದೆ. ನೋಂದಣಿ ಇಲ್ಲದ ಸಂಸ್ಥೆಗಳನ್ನು ಮುಚ್ಚಲು ಆದೇಶಿಸಲಾಗಿದೆ. ಬಡ್ಡಿ ದರದ ಮೇಲೆ ನಿಗಾ ಇಡಲಾಗುವುದು.

ರಾಜ್ಯದ ಎಲ್ಲಾ ಜಿಲ್ಲೆಗಳಲ್ಲಿ ಸಭೆ ನಡೆಸಿ ಪರಿಸ್ಥಿತಿ ಪರಾಮರ್ಶಿಸಲಾಗುವುದು. ಸಂತ್ರಸ್ತ ಕುಟುಂಬಗಳಿಗೆ ನೆರವು ನೀಡಲಾಗುವುದು. 108 ಸೇವೆ ಮಾದರಿಯಲ್ಲಿ ತ್ವರಿತ ಸ್ಪಂದನೆ ವ್ಯವಸ್ಥೆ ಮಾಡಲಾಗುವುದು.

ಬ್ಯಾಂಕ್‌ಗಳು ಸಹ ಸಾಲ ನೀಡುವಲ್ಲಿ ಸರಳ ಪ್ರಕ್ರಿಯೆ ಅನುಸರಿಸಬೇಕು. ರೈತರು ಮತ್ತು ಸಣ್ಣ ವ್ಯಾಪಾರಿಗಳಿಗೆ ಸುಲಭ ಸಾಲ ದೊರೆಯುವಂತೆ ಮಾಡಬೇಕು ಎಂದು ಸೂಚಿಸಲಾಯಿತು. ರೂ.2.50 ಕೋಟಿ ನೆರವು ಘೋಷಿಸಲಾಗಿದೆ.

120 ದಿನಗಳ ಕಾಲ ಹೋರಾಟ ಮುಂದುವರಿಸುವುದಾಗಿ ಸಂಘಟನೆಯ ಮುಖಂಡರು ತಿಳಿಸಿದರು. ಸರ್ಕಾರ ಶೀಘ್ರವೇ ಸ್ಪಂದಿಸಬೇಕೆಂದು ಕೋರಿದರು.

ಪಡಿತರಕ್ಕೆ ಸಂಬಂಧಿಸಿದಂತೆ ಎಲ್ಲ ಜಿಲ್ಲಾಧಿಕಾರಿಗಳಿಗೆ ಸೂಚನೆ ನೀಡಲಾಗಿದೆ. ಬಡ ಕುಟುಂಬಗಳಿಗೆ ತೊಂದರೆಯಾಗದಂತೆ ನೋಡಿಕೊಳ್ಳಲು ತಿಳಿಸಲಾಗಿದೆ.

ಮೈಕ್ರೋ ಫೈನಾನ್ಸ್ ಸಂಸ್ಥೆಗಳ ಕಿರುಕುಳಕ್ಕೆ ಕಡಿವಾಣ ಹಾಕುವ ನಿಟ್ಟಿನಲ್ಲಿ ರಾಜ್ಯ ಸರ್ಕಾರ ಸುಗ್ರೀವಾಜ್ಞೆ ಹೊರಡಿಸಲು ನಿರ್ಧರಿಸಿದೆ. ಸಾಲ ವಸೂಲಾತಿಯ ಹೆಸರಿನಲ್ಲಿ ನಡೆಯುವ ದೌರ್ಜನ್ಯಕ್ಕೆ ಕಠಿಣ ಶಿಕ್ಷೆ ವಿಧಿಸಲಾಗುವುದು.

ಹೆಣ್ಣು ಮಕ್ಕಳ ಶಿಕ್ಷಣ, ಆರೋಗ್ಯ ಹಾಗೂ ಪೋಷಣೆ ಮಹತ್ವದ ಬಗ್ಗೆ ಜಾಗೃತಿ ಅಗತ್ಯ

ಧಾರವಾಡ: ಹೆಣ್ಣು ಮಕ್ಕಳ ಶಿಕ್ಷಣ, ಆರೋಗ್ಯ ಮತ್ತು ಪೋಷಣೆಯ ಮಹತ್ವದ ಬಗ್ಗೆ ಸಮಾಜದಲ್ಲಿ ಜಾಗೃತಿ ಮೂಡಿಸುವ ಅಗತ್ಯವಿದೆ ಎಂದು ಅಧಿಕಾರಿಗಳು ಅಭಿಪ್ರಾಯಪಟ್ಟರು.

ಶಾಲೆಗಳಲ್ಲಿ ಹೆಣ್ಣು ಮಕ್ಕಳ ದಾಖಲಾತಿ ಹೆಚ್ಚಿಸಲು ವಿಶೇಷ ಅಭಿಯಾನ ಕೈಗೊಳ್ಳಲಾಗುವುದು. ಬಾಲ್ಯ ವಿವಾಹ ತಡೆಗಟ್ಟಲು ಕಠಿಣ ಕ್ರಮ ಜರುಗಿಸಲಾಗುವುದು ಎಂದು ತಿಳಿಸಿದರು.

ಪೌಷ್ಟಿಕ ಆಹಾರ ವಿತರಣೆ ಮತ್ತು ಆರೋಗ್ಯ ತಪಾಸಣೆ ಶಿಬಿರಗಳನ್ನು ನಿಯಮಿತವಾಗಿ ಆಯೋಜಿಸಲಾಗುವುದು. ಕಾರ್ಯಕ್ರಮದಲ್ಲಿ ಹಲವು ಅಧಿಕಾರಿಗಳು ಉಪಸ್ಥಿತರಿದ್ದರು.

- - - -	- - -
+
